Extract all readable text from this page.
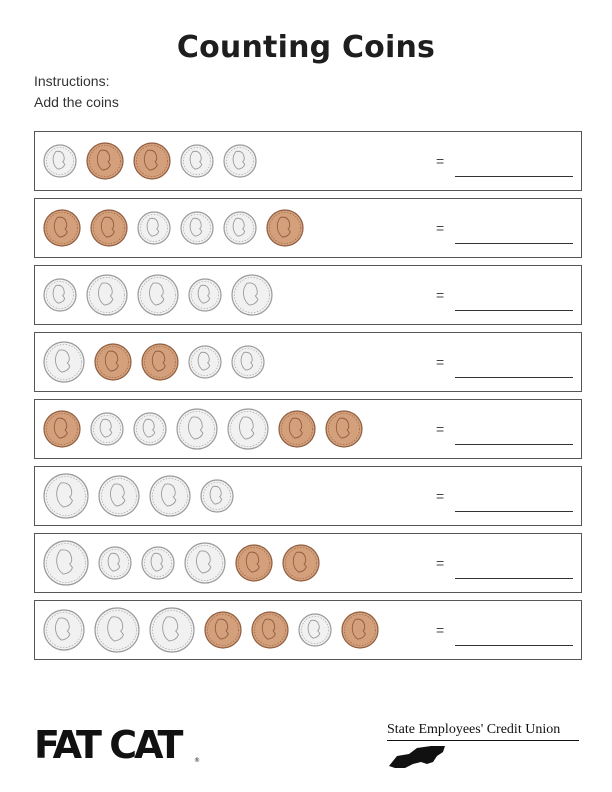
Counting Coins
Instructions:
Add the coins
=
=
=
=
=
=
=
=
FAT CAT	®
State Employees' Credit Union
